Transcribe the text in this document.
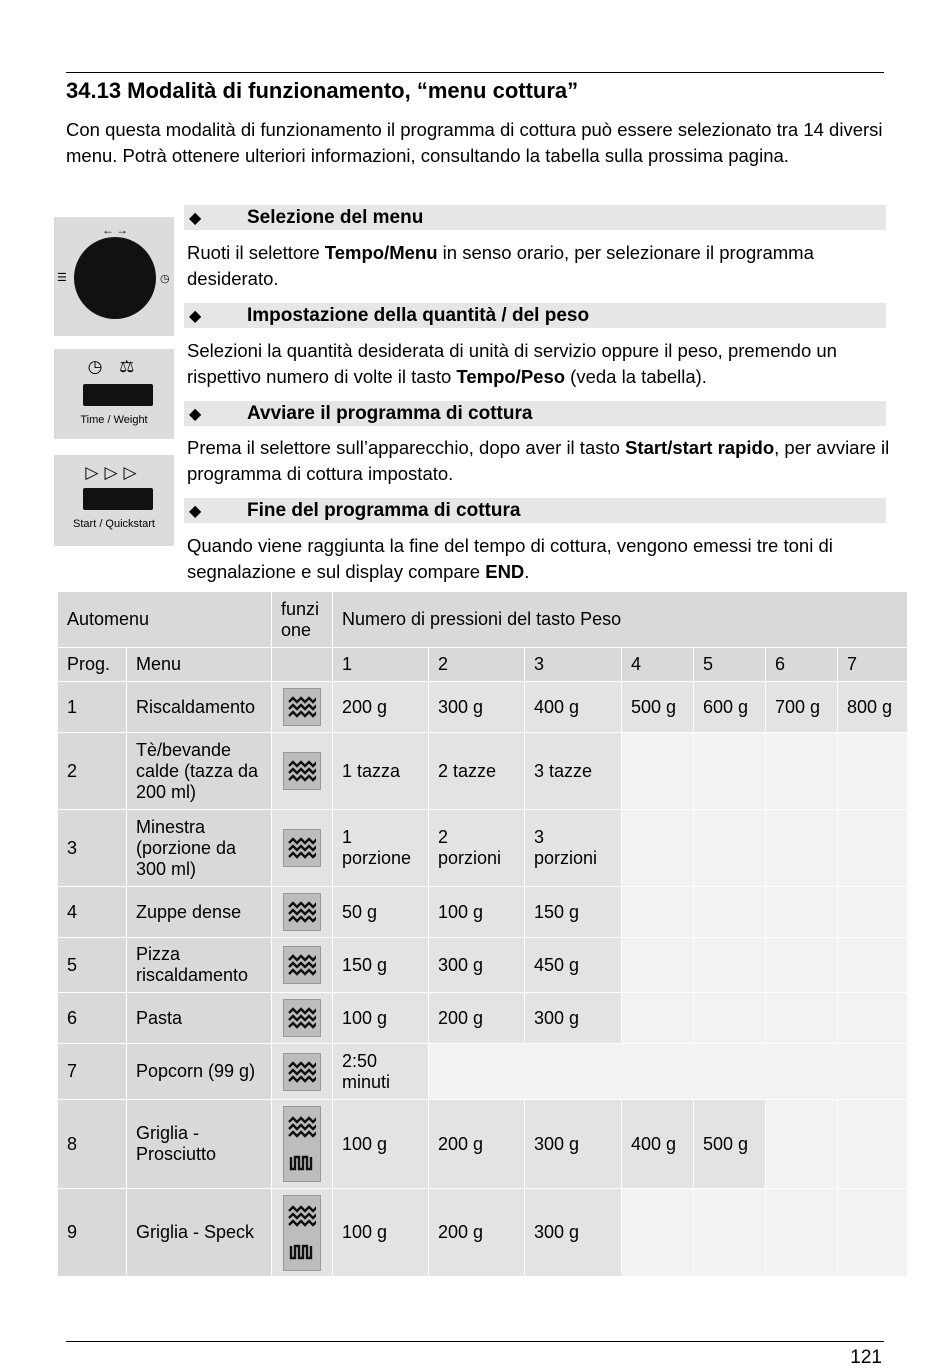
34.13 Modalità di funzionamento, “menu cottura”

Con questa modalità di funzionamento il programma di cottura può essere selezionato tra 14 diversi menu. Potrà ottenere ulteriori informazioni, consultando la tabella sulla prossima pagina.

←→
☰	◷
◷ ⚖
Time / Weight
▷▷▷
Start / Quickstart
◆ Selezione del menu

Ruoti il selettore Tempo/Menu in senso orario, per selezionare il programma desiderato.

◆ Impostazione della quantità / del peso

Selezioni la quantità desiderata di unità di servizio oppure il peso, premendo un rispettivo numero di volte il tasto Tempo/Peso (veda la tabella).

◆ Avviare il programma di cottura

Prema il selettore sull’apparecchio, dopo aver il tasto Start/start rapido, per avviare il programma di cottura impostato.

◆ Fine del programma di cottura

Quando viene raggiunta la fine del tempo di cottura, vengono emessi tre toni di segnalazione e sul display compare END.

Automenu		funzi one	Numero di pressioni del tasto Peso						
Prog.	Menu		1	2	3	4	5	6	7
1	Riscaldamento		200 g	300 g	400 g	500 g	600 g	700 g	800 g
2	Tè/bevande calde (tazza da 200 ml)		1 tazza	2 tazze	3 tazze				
3	Minestra (porzione da 300 ml)		1 porzione	2 porzioni	3 porzioni				
4	Zuppe dense		50 g	100 g	150 g				
5	Pizza riscaldamento		150 g	300 g	450 g				
6	Pasta		100 g	200 g	300 g				
7	Popcorn (99 g)		2:50 minuti						
8	Griglia - Prosciutto		100 g	200 g	300 g	400 g	500 g		
9	Griglia - Speck		100 g	200 g	300 g				
121
